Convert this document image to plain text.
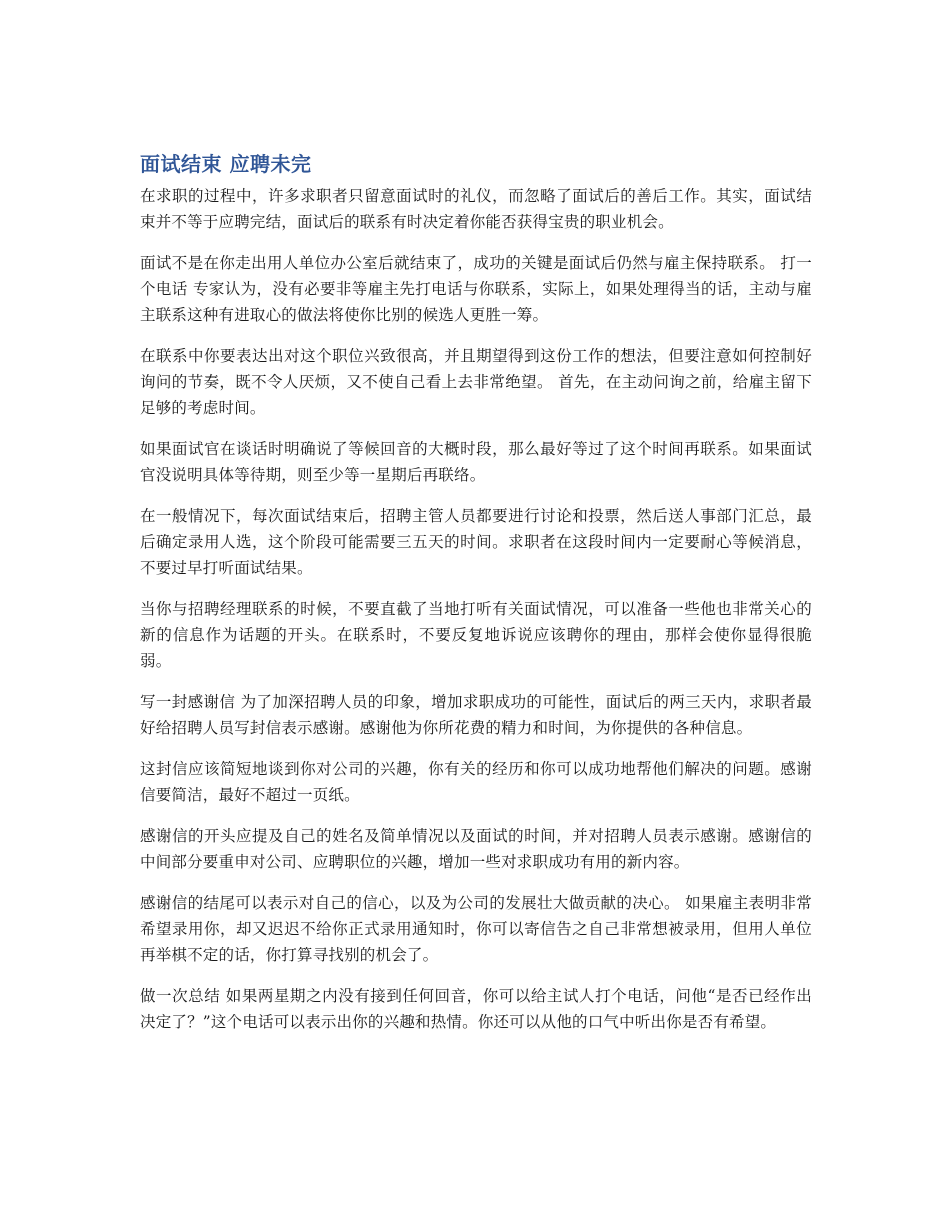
面试结束 应聘未完

在求职的过程中，许多求职者只留意面试时的礼仪，而忽略了面试后的善后工作。其实，面试结束并不等于应聘完结，面试后的联系有时决定着你能否获得宝贵的职业机会。

面试不是在你走出用人单位办公室后就结束了，成功的关键是面试后仍然与雇主保持联系。 打一个电话 专家认为，没有必要非等雇主先打电话与你联系，实际上，如果处理得当的话，主动与雇主联系这种有进取心的做法将使你比别的候选人更胜一筹。

在联系中你要表达出对这个职位兴致很高，并且期望得到这份工作的想法，但要注意如何控制好询问的节奏，既不令人厌烦，又不使自己看上去非常绝望。 首先，在主动问询之前，给雇主留下足够的考虑时间。

如果面试官在谈话时明确说了等候回音的大概时段，那么最好等过了这个时间再联系。如果面试官没说明具体等待期，则至少等一星期后再联络。

在一般情况下，每次面试结束后，招聘主管人员都要进行讨论和投票，然后送人事部门汇总，最后确定录用人选，这个阶段可能需要三五天的时间。求职者在这段时间内一定要耐心等候消息，不要过早打听面试结果。

当你与招聘经理联系的时候，不要直截了当地打听有关面试情况，可以准备一些他也非常关心的新的信息作为话题的开头。在联系时，不要反复地诉说应该聘你的理由，那样会使你显得很脆弱。

写一封感谢信 为了加深招聘人员的印象，增加求职成功的可能性，面试后的两三天内，求职者最好给招聘人员写封信表示感谢。感谢他为你所花费的精力和时间，为你提供的各种信息。

这封信应该简短地谈到你对公司的兴趣，你有关的经历和你可以成功地帮他们解决的问题。感谢信要简洁，最好不超过一页纸。

感谢信的开头应提及自己的姓名及简单情况以及面试的时间，并对招聘人员表示感谢。感谢信的中间部分要重申对公司、应聘职位的兴趣，增加一些对求职成功有用的新内容。

感谢信的结尾可以表示对自己的信心，以及为公司的发展壮大做贡献的决心。 如果雇主表明非常希望录用你，却又迟迟不给你正式录用通知时，你可以寄信告之自己非常想被录用，但用人单位再举棋不定的话，你打算寻找别的机会了。

做一次总结 如果两星期之内没有接到任何回音，你可以给主试人打个电话，问他“是否已经作出决定了？”这个电话可以表示出你的兴趣和热情。你还可以从他的口气中听出你是否有希望。
